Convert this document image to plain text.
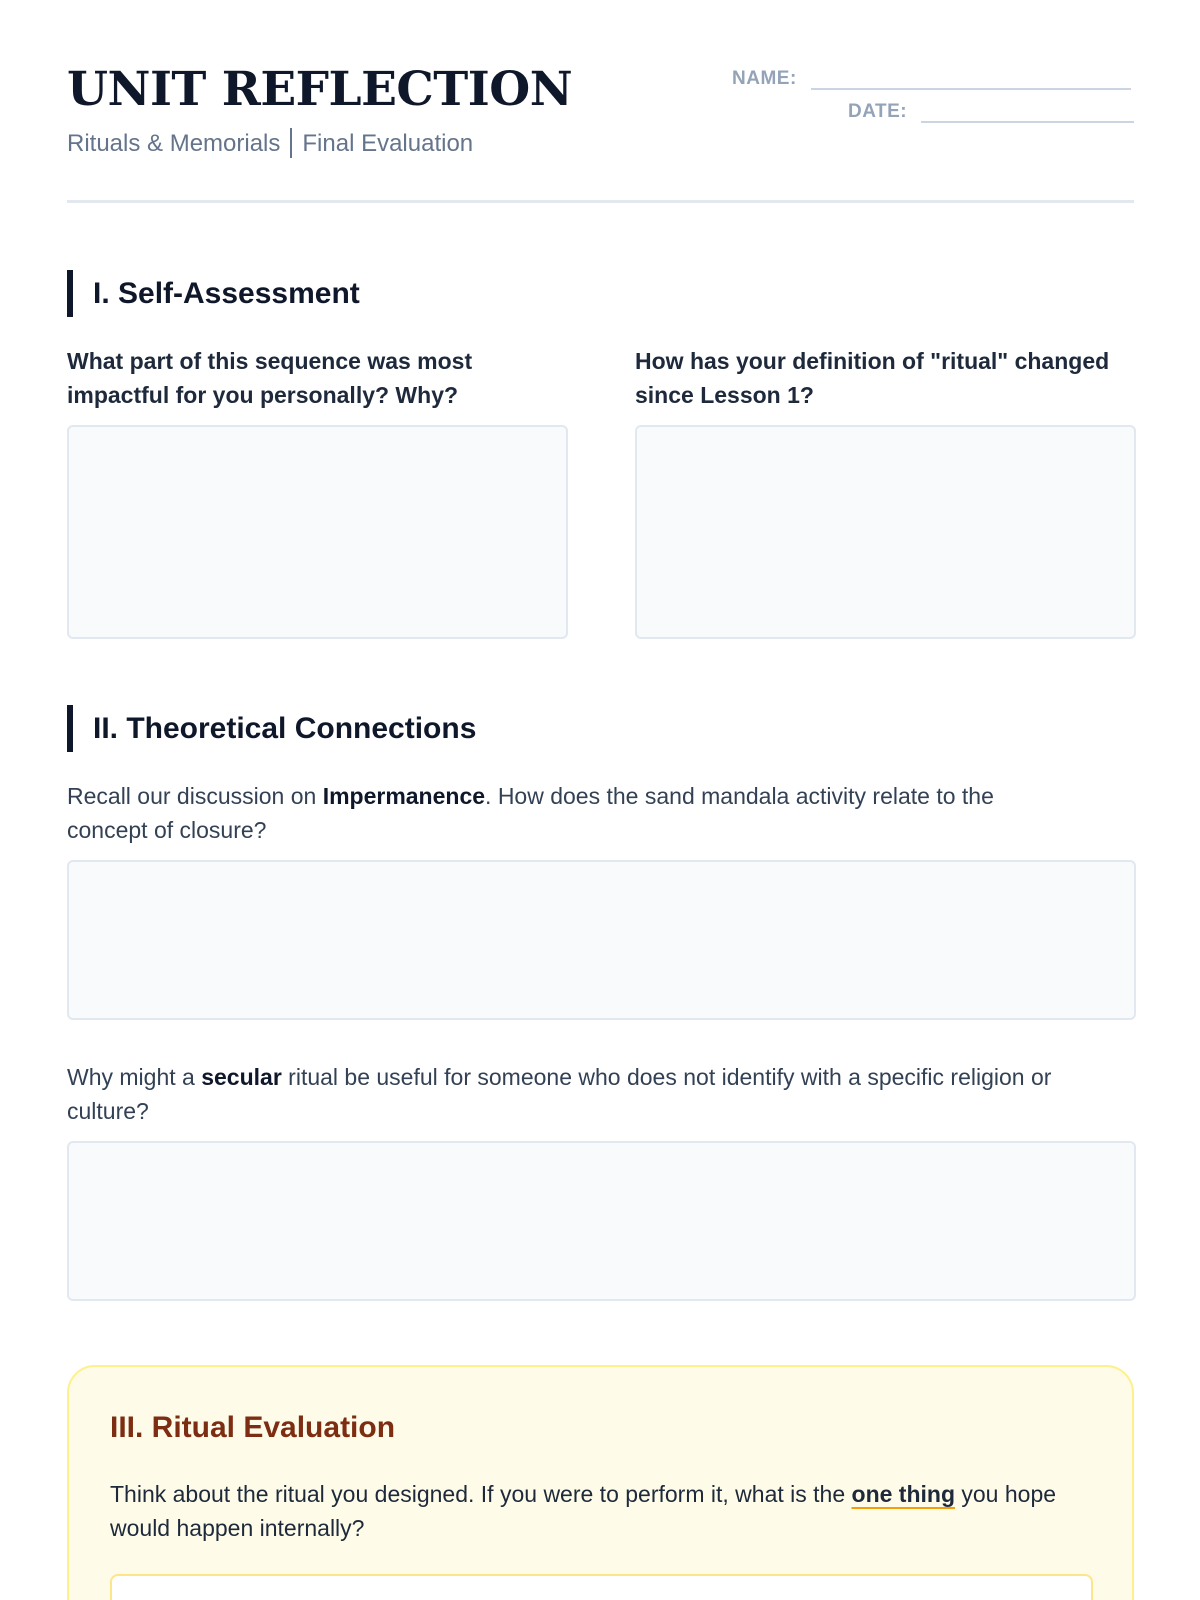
UNIT REFLECTION
Rituals & Memorials Final Evaluation
NAME:
DATE:
I. Self-Assessment
What part of this sequence was most impactful for you personally? Why?
How has your definition of "ritual" changed since Lesson 1?
II. Theoretical Connections
Recall our discussion on Impermanence. How does the sand mandala activity relate to the concept of closure?
Why might a secular ritual be useful for someone who does not identify with a specific religion or culture?
III. Ritual Evaluation
Think about the ritual you designed. If you were to perform it, what is the one thing you hope would happen internally?
